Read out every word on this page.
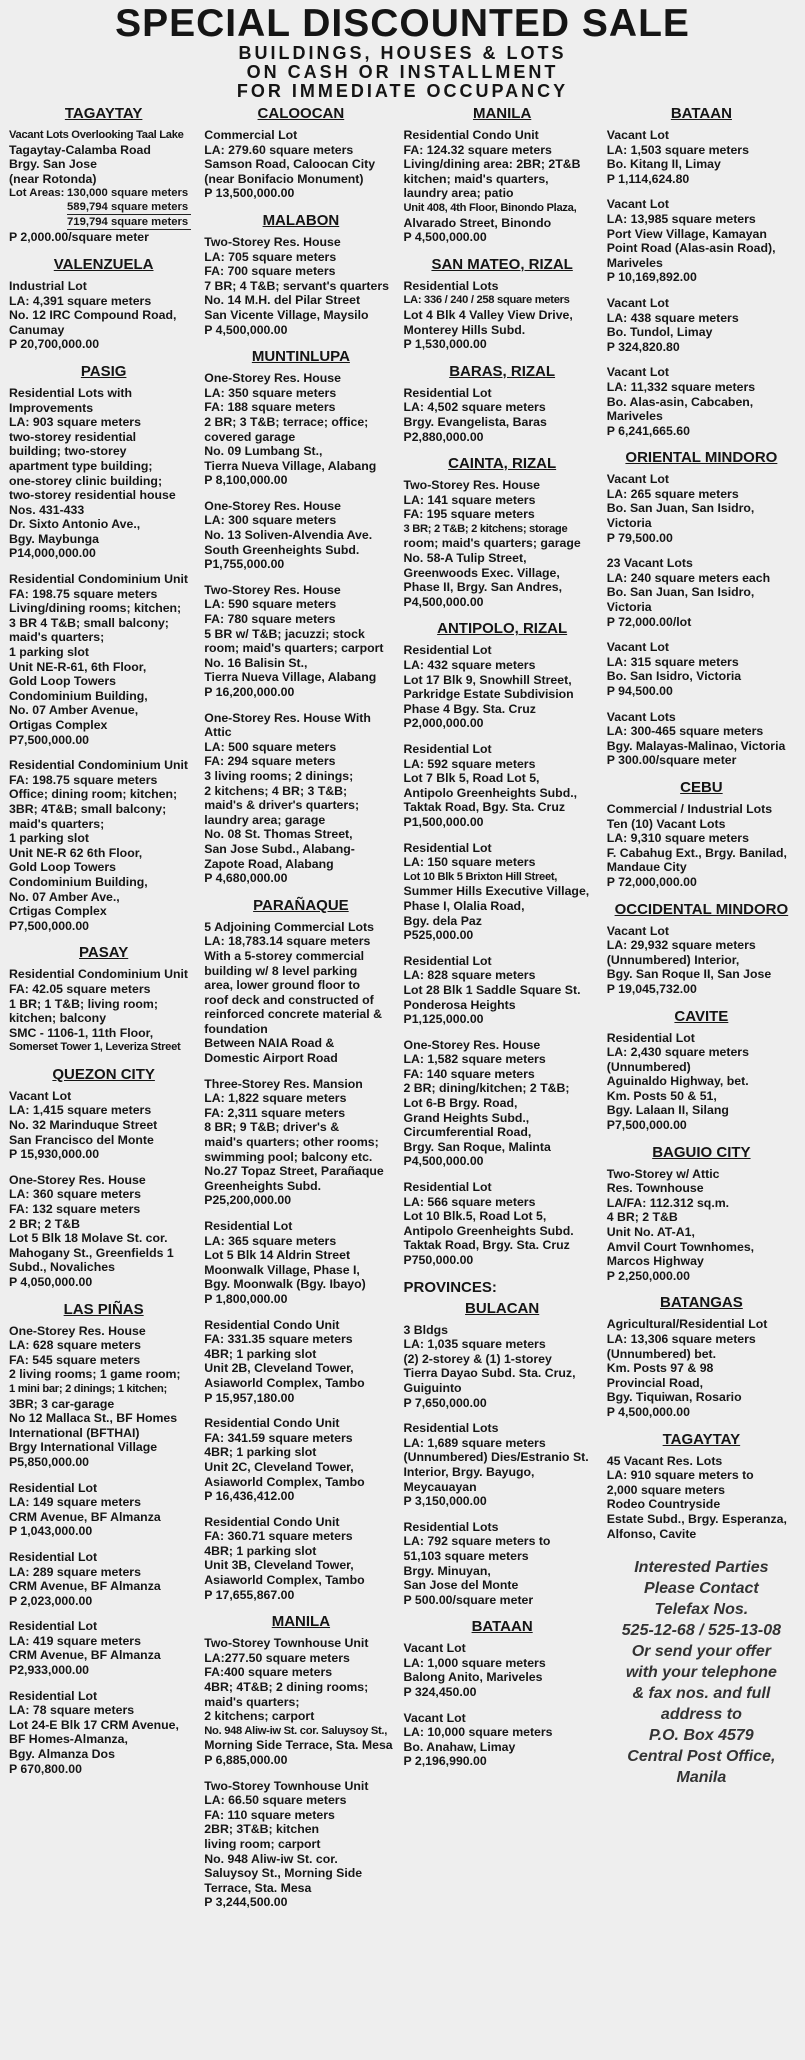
SPECIAL DISCOUNTED SALE

BUILDINGS, HOUSES & LOTS

ON CASH OR INSTALLMENT

FOR IMMEDIATE OCCUPANCY

TAGAYTAY
Vacant Lots Overlooking Taal Lake
Tagaytay-Calamba Road
Brgy. San Jose
(near Rotonda)
Lot Areas: 130,000 square meters
589,794 square meters
719,794 square meters
P 2,000.00/square meter
VALENZUELA
Industrial Lot
LA: 4,391 square meters
No. 12 IRC Compound Road,
Canumay
P 20,700,000.00
PASIG
Residential Lots with
Improvements
LA: 903 square meters
two-storey residential
building; two-storey
apartment type building;
one-storey clinic building;
two-storey residential house
Nos. 431-433
Dr. Sixto Antonio Ave.,
Bgy. Maybunga
P14,000,000.00
Residential Condominium Unit
FA: 198.75 square meters
Living/dining rooms; kitchen;
3 BR 4 T&B; small balcony;
maid's quarters;
1 parking slot
Unit NE-R-61, 6th Floor,
Gold Loop Towers
Condominium Building,
No. 07 Amber Avenue,
Ortigas Complex
P7,500,000.00
Residential Condominium Unit
FA: 198.75 square meters
Office; dining room; kitchen;
3BR; 4T&B; small balcony;
maid's quarters;
1 parking slot
Unit NE-R 62 6th Floor,
Gold Loop Towers
Condominium Building,
No. 07 Amber Ave.,
Crtigas Complex
P7,500,000.00
PASAY
Residential Condominium Unit
FA: 42.05 square meters
1 BR; 1 T&B; living room;
kitchen; balcony
SMC - 1106-1, 11th Floor,
Somerset Tower 1, Leveriza Street
QUEZON CITY
Vacant Lot
LA: 1,415 square meters
No. 32 Marinduque Street
San Francisco del Monte
P 15,930,000.00
One-Storey Res. House
LA: 360 square meters
FA: 132 square meters
2 BR; 2 T&B
Lot 5 Blk 18 Molave St. cor.
Mahogany St., Greenfields 1
Subd., Novaliches
P 4,050,000.00
LAS PIÑAS
One-Storey Res. House
LA: 628 square meters
FA: 545 square meters
2 living rooms; 1 game room;
1 mini bar; 2 dinings; 1 kitchen;
3BR; 3 car-garage
No 12 Mallaca St., BF Homes
International (BFTHAI)
Brgy International Village
P5,850,000.00
Residential Lot
LA: 149 square meters
CRM Avenue, BF Almanza
P 1,043,000.00
Residential Lot
LA: 289 square meters
CRM Avenue, BF Almanza
P 2,023,000.00
Residential Lot
LA: 419 square meters
CRM Avenue, BF Almanza
P2,933,000.00
Residential Lot
LA: 78 square meters
Lot 24-E Blk 17 CRM Avenue,
BF Homes-Almanza,
Bgy. Almanza Dos
P 670,800.00
CALOOCAN
Commercial Lot
LA: 279.60 square meters
Samson Road, Caloocan City
(near Bonifacio Monument)
P 13,500,000.00
MALABON
Two-Storey Res. House
LA: 705 square meters
FA: 700 square meters
7 BR; 4 T&B; servant's quarters
No. 14 M.H. del Pilar Street
San Vicente Village, Maysilo
P 4,500,000.00
MUNTINLUPA
One-Storey Res. House
LA: 350 square meters
FA: 188 square meters
2 BR; 3 T&B; terrace; office;
covered garage
No. 09 Lumbang St.,
Tierra Nueva Village, Alabang
P 8,100,000.00
One-Storey Res. House
LA: 300 square meters
No. 13 Soliven-Alvendia Ave.
South Greenheights Subd.
P1,755,000.00
Two-Storey Res. House
LA: 590 square meters
FA: 780 square meters
5 BR w/ T&B; jacuzzi; stock
room; maid's quarters; carport
No. 16 Balisin St.,
Tierra Nueva Village, Alabang
P 16,200,000.00
One-Storey Res. House With
Attic
LA: 500 square meters
FA: 294 square meters
3 living rooms; 2 dinings;
2 kitchens; 4 BR; 3 T&B;
maid's & driver's quarters;
laundry area; garage
No. 08 St. Thomas Street,
San Jose Subd., Alabang-
Zapote Road, Alabang
P 4,680,000.00
PARAÑAQUE
5 Adjoining Commercial Lots
LA: 18,783.14 square meters
With a 5-storey commercial
building w/ 8 level parking
area, lower ground floor to
roof deck and constructed of
reinforced concrete material &
foundation
Between NAIA Road &
Domestic Airport Road
Three-Storey Res. Mansion
LA: 1,822 square meters
FA: 2,311 square meters
8 BR; 9 T&B; driver's &
maid's quarters; other rooms;
swimming pool; balcony etc.
No.27 Topaz Street, Parañaque
Greenheights Subd.
P25,200,000.00
Residential Lot
LA: 365 square meters
Lot 5 Blk 14 Aldrin Street
Moonwalk Village, Phase I,
Bgy. Moonwalk (Bgy. Ibayo)
P 1,800,000.00
Residential Condo Unit
FA: 331.35 square meters
4BR; 1 parking slot
Unit 2B, Cleveland Tower,
Asiaworld Complex, Tambo
P 15,957,180.00
Residential Condo Unit
FA: 341.59 square meters
4BR; 1 parking slot
Unit 2C, Cleveland Tower,
Asiaworld Complex, Tambo
P 16,436,412.00
Residential Condo Unit
FA: 360.71 square meters
4BR; 1 parking slot
Unit 3B, Cleveland Tower,
Asiaworld Complex, Tambo
P 17,655,867.00
MANILA
Two-Storey Townhouse Unit
LA:277.50 square meters
FA:400 square meters
4BR; 4T&B; 2 dining rooms;
maid's quarters;
2 kitchens; carport
No. 948 Aliw-iw St. cor. Saluysoy St.,
Morning Side Terrace, Sta. Mesa
P 6,885,000.00
Two-Storey Townhouse Unit
LA: 66.50 square meters
FA: 110 square meters
2BR; 3T&B; kitchen
living room; carport
No. 948 Aliw-iw St. cor.
Saluysoy St., Morning Side
Terrace, Sta. Mesa
P 3,244,500.00
MANILA
Residential Condo Unit
FA: 124.32 square meters
Living/dining area: 2BR; 2T&B
kitchen; maid's quarters,
laundry area; patio
Unit 408, 4th Floor, Binondo Plaza,
Alvarado Street, Binondo
P 4,500,000.00
SAN MATEO, RIZAL
Residential Lots
LA: 336 / 240 / 258 square meters
Lot 4 Blk 4 Valley View Drive,
Monterey Hills Subd.
P 1,530,000.00
BARAS, RIZAL
Residential Lot
LA: 4,502 square meters
Brgy. Evangelista, Baras
P2,880,000.00
CAINTA, RIZAL
Two-Storey Res. House
LA: 141 square meters
FA: 195 square meters
3 BR; 2 T&B; 2 kitchens; storage
room; maid's quarters; garage
No. 58-A Tulip Street,
Greenwoods Exec. Village,
Phase II, Brgy. San Andres,
P4,500,000.00
ANTIPOLO, RIZAL
Residential Lot
LA: 432 square meters
Lot 17 Blk 9, Snowhill Street,
Parkridge Estate Subdivision
Phase 4 Bgy. Sta. Cruz
P2,000,000.00
Residential Lot
LA: 592 square meters
Lot 7 Blk 5, Road Lot 5,
Antipolo Greenheights Subd.,
Taktak Road, Bgy. Sta. Cruz
P1,500,000.00
Residential Lot
LA: 150 square meters
Lot 10 Blk 5 Brixton Hill Street,
Summer Hills Executive Village,
Phase I, Olalia Road,
Bgy. dela Paz
P525,000.00
Residential Lot
LA: 828 square meters
Lot 28 Blk 1 Saddle Square St.
Ponderosa Heights
P1,125,000.00
One-Storey Res. House
LA: 1,582 square meters
FA: 140 square meters
2 BR; dining/kitchen; 2 T&B;
Lot 6-B Brgy. Road,
Grand Heights Subd.,
Circumferential Road,
Brgy. San Roque, Malinta
P4,500,000.00
Residential Lot
LA: 566 square meters
Lot 10 Blk.5, Road Lot 5,
Antipolo Greenheights Subd.
Taktak Road, Brgy. Sta. Cruz
P750,000.00
PROVINCES:
BULACAN
3 Bldgs
LA: 1,035 square meters
(2) 2-storey & (1) 1-storey
Tierra Dayao Subd. Sta. Cruz,
Guiguinto
P 7,650,000.00
Residential Lots
LA: 1,689 square meters
(Unnumbered) Dies/Estranio St.
Interior, Brgy. Bayugo,
Meycauayan
P 3,150,000.00
Residential Lots
LA: 792 square meters to
51,103 square meters
Brgy. Minuyan,
San Jose del Monte
P 500.00/square meter
BATAAN
Vacant Lot
LA: 1,000 square meters
Balong Anito, Mariveles
P 324,450.00
Vacant Lot
LA: 10,000 square meters
Bo. Anahaw, Limay
P 2,196,990.00
BATAAN
Vacant Lot
LA: 1,503 square meters
Bo. Kitang II, Limay
P 1,114,624.80
Vacant Lot
LA: 13,985 square meters
Port View Village, Kamayan
Point Road (Alas-asin Road),
Mariveles
P 10,169,892.00
Vacant Lot
LA: 438 square meters
Bo. Tundol, Limay
P 324,820.80
Vacant Lot
LA: 11,332 square meters
Bo. Alas-asin, Cabcaben,
Mariveles
P 6,241,665.60
ORIENTAL MINDORO
Vacant Lot
LA: 265 square meters
Bo. San Juan, San Isidro,
Victoria
P 79,500.00
23 Vacant Lots
LA: 240 square meters each
Bo. San Juan, San Isidro,
Victoria
P 72,000.00/lot
Vacant Lot
LA: 315 square meters
Bo. San Isidro, Victoria
P 94,500.00
Vacant Lots
LA: 300-465 square meters
Bgy. Malayas-Malinao, Victoria
P 300.00/square meter
CEBU
Commercial / Industrial Lots
Ten (10) Vacant Lots
LA: 9,310 square meters
F. Cabahug Ext., Brgy. Banilad,
Mandaue City
P 72,000,000.00
OCCIDENTAL MINDORO
Vacant Lot
LA: 29,932 square meters
(Unnumbered) Interior,
Bgy. San Roque II, San Jose
P 19,045,732.00
CAVITE
Residential Lot
LA: 2,430 square meters
(Unnumbered)
Aguinaldo Highway, bet.
Km. Posts 50 & 51,
Bgy. Lalaan II, Silang
P7,500,000.00
BAGUIO CITY
Two-Storey w/ Attic
Res. Townhouse
LA/FA: 112.312 sq.m.
4 BR; 2 T&B
Unit No. AT-A1,
Amvil Court Townhomes,
Marcos Highway
P 2,250,000.00
BATANGAS
Agricultural/Residential Lot
LA: 13,306 square meters
(Unnumbered) bet.
Km. Posts 97 & 98
Provincial Road,
Bgy. Tiquiwan, Rosario
P 4,500,000.00
TAGAYTAY
45 Vacant Res. Lots
LA: 910 square meters to
2,000 square meters
Rodeo Countryside
Estate Subd., Brgy. Esperanza,
Alfonso, Cavite
Interested Parties
Please Contact
Telefax Nos.
525-12-68 / 525-13-08
Or send your offer
with your telephone
& fax nos. and full
address to
P.O. Box 4579
Central Post Office,
Manila
